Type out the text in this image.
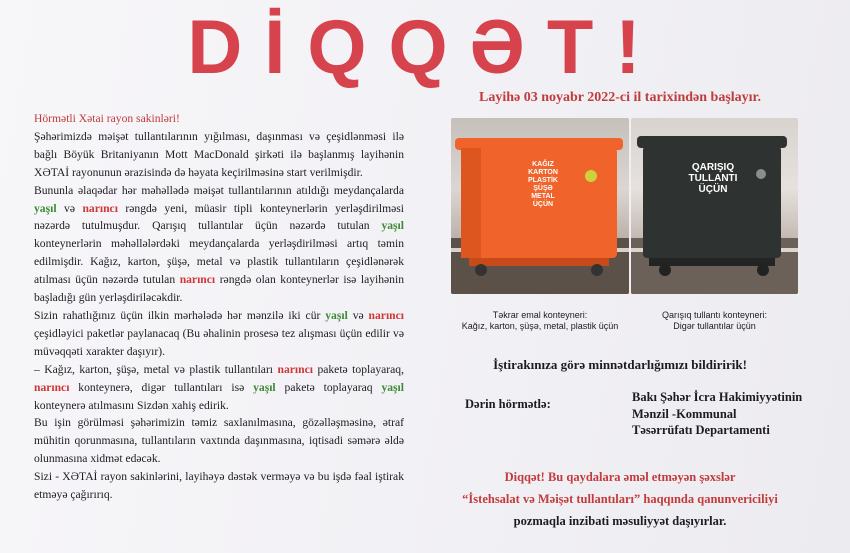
DİQQƏT!

Hörmətli Xətai rayon sakinləri!

Şəhərimizdə məişət tullantılarının yığılması, daşınması və çeşidlənməsi ilə bağlı Böyük Britaniyanın Mott MacDonald şirkəti ilə başlanmış layihənin XƏTAİ rayonunun ərazisində də həyata keçirilməsinə start verilmişdir.

Bununla əlaqədar hər məhəllədə məişət tullantılarının atıldığı meydançalarda yaşıl və narıncı rəngdə yeni, müasir tipli konteynerlərin yerləşdirilməsi nəzərdə tutulmuşdur. Qarışıq tullantılar üçün nəzərdə tutulan yaşıl konteynerlərin məhəllələrdəki meydançalarda yerləşdirilməsi artıq təmin edilmişdir. Kağız, karton, şüşə, metal və plastik tullantıların çeşidlənərək atılması üçün nəzərdə tutulan narıncı rəngdə olan konteynerlər isə layihənin başladığı gün yerləşdiriləcəkdir.

Sizin rahatlığınız üçün ilkin mərhələdə hər mənzilə iki cür yaşıl və narıncı çeşidləyici paketlər paylanacaq (Bu əhalinin prosesə tez alışması üçün edilir və müvəqqəti xarakter daşıyır).

– Kağız, karton, şüşə, metal və plastik tullantıları narıncı paketə toplayaraq, narıncı konteynerə, digər tullantıları isə yaşıl paketə toplayaraq yaşıl konteynerə atılmasını Sizdən xahiş edirik.

Bu işin görülməsi şəhərimizin təmiz saxlanılmasına, gözəlləşməsinə, ətraf mühitin qorunmasına, tullantıların vaxtında daşınmasına, iqtisadi səmərə əldə olunmasına xidmət edəcək.

Sizi - XƏTAİ rayon sakinlərini, layihəyə dəstək verməyə və bu işdə fəal iştirak etməyə çağırırıq.

Layihə 03 noyabr 2022-ci il tarixindən başlayır.
KAĞIZ KARTON PLASTİK ŞÜŞƏ METAL ÜÇÜN
QARIŞIQ TULLANTI ÜÇÜN
Təkrar emal konteyneri:
Kağız, karton, şüşə, metal, plastik üçün
Qarışıq tullantı konteyneri:
Digər tullantılar üçün
İştirakınıza görə minnətdarlığımızı bildiririk!
Dərin hörmətlə:	Bakı Şəhər İcra Hakimiyyətinin
Mənzil -Kommunal
Təsərrüfatı Departamenti
Diqqət! Bu qaydalara əməl etməyən şəxslər
“İstehsalat və Məişət tullantıları” haqqında qanunvericiliyi
pozmaqla inzibati məsuliyyət daşıyırlar.
